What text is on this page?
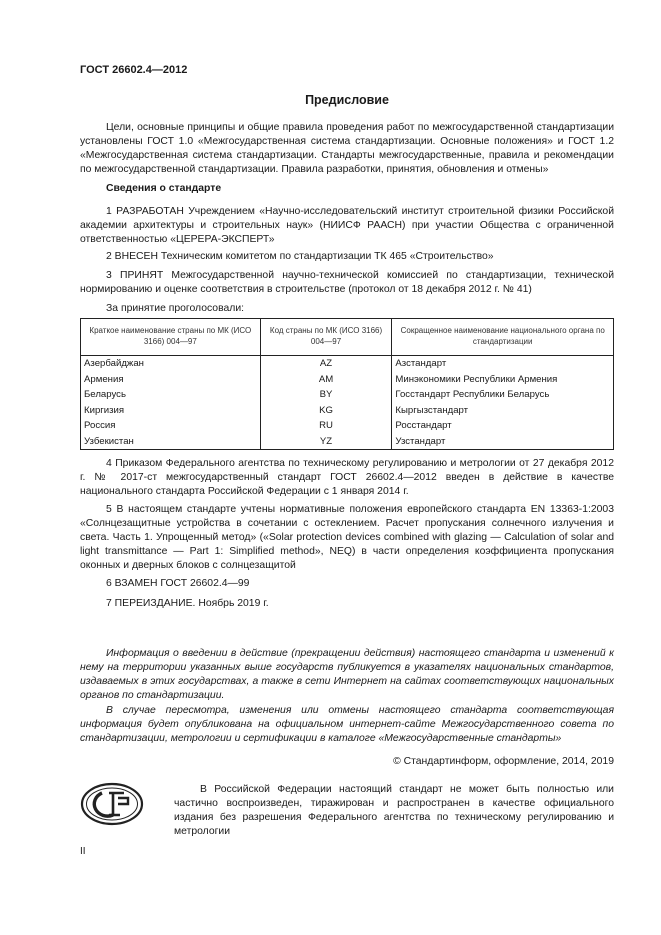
ГОСТ 26602.4—2012
Предисловие

Цели, основные принципы и общие правила проведения работ по межгосударственной стандартизации установлены ГОСТ 1.0 «Межгосударственная система стандартизации. Основные положения» и ГОСТ 1.2 «Межгосударственная система стандартизации. Стандарты межгосударственные, правила и рекомендации по межгосударственной стандартизации. Правила разработки, принятия, обновления и отмены»

Сведения о стандарте

1 РАЗРАБОТАН Учреждением «Научно-исследовательский институт строительной физики Российской академии архитектуры и строительных наук» (НИИСФ РААСН) при участии Общества с ограниченной ответственностью «ЦЕРЕРА-ЭКСПЕРТ»

2 ВНЕСЕН Техническим комитетом по стандартизации ТК 465 «Строительство»

3 ПРИНЯТ Межгосударственной научно-технической комиссией по стандартизации, технической нормированию и оценке соответствия в строительстве (протокол от 18 декабря 2012 г. № 41)

За принятие проголосовали:

Краткое наименование страны по МК (ИСО 3166) 004—97	Код страны по МК (ИСО 3166) 004—97	Сокращенное наименование национального органа по стандартизации
Азербайджан	AZ	Азстандарт
Армения	AM	Минэкономики Республики Армения
Беларусь	BY	Госстандарт Республики Беларусь
Киргизия	KG	Кыргызстандарт
Россия	RU	Росстандарт
Узбекистан	YZ	Узстандарт

4 Приказом Федерального агентства по техническому регулированию и метрологии от 27 декабря 2012 г. № 2017-ст межгосударственный стандарт ГОСТ 26602.4—2012 введен в действие в качестве национального стандарта Российской Федерации с 1 января 2014 г.

5 В настоящем стандарте учтены нормативные положения европейского стандарта EN 13363-1:2003 «Солнцезащитные устройства в сочетании с остеклением. Расчет пропускания солнечного излучения и света. Часть 1. Упрощенный метод» («Solar protection devices combined with glazing — Calculation of solar and light transmittance — Part 1: Simplified method», NEQ) в части определения коэффициента пропускания оконных и дверных блоков с солнцезащитой

6 ВЗАМЕН ГОСТ 26602.4—99

7 ПЕРЕИЗДАНИЕ. Ноябрь 2019 г.

Информация о введении в действие (прекращении действия) настоящего стандарта и изменений к нему на территории указанных выше государств публикуется в указателях национальных стандартов, издаваемых в этих государствах, а также в сети Интернет на сайтах соответствующих национальных органов по стандартизации.

В случае пересмотра, изменения или отмены настоящего стандарта соответствующая информация будет опубликована на официальном интернет-сайте Межгосударственного совета по стандартизации, метрологии и сертификации в каталоге «Межгосударственные стандарты»

© Стандартинформ, оформление, 2014, 2019

В Российской Федерации настоящий стандарт не может быть полностью или частично воспроизведен, тиражирован и распространен в качестве официального издания без разрешения Федерального агентства по техническому регулированию и метрологии

II
